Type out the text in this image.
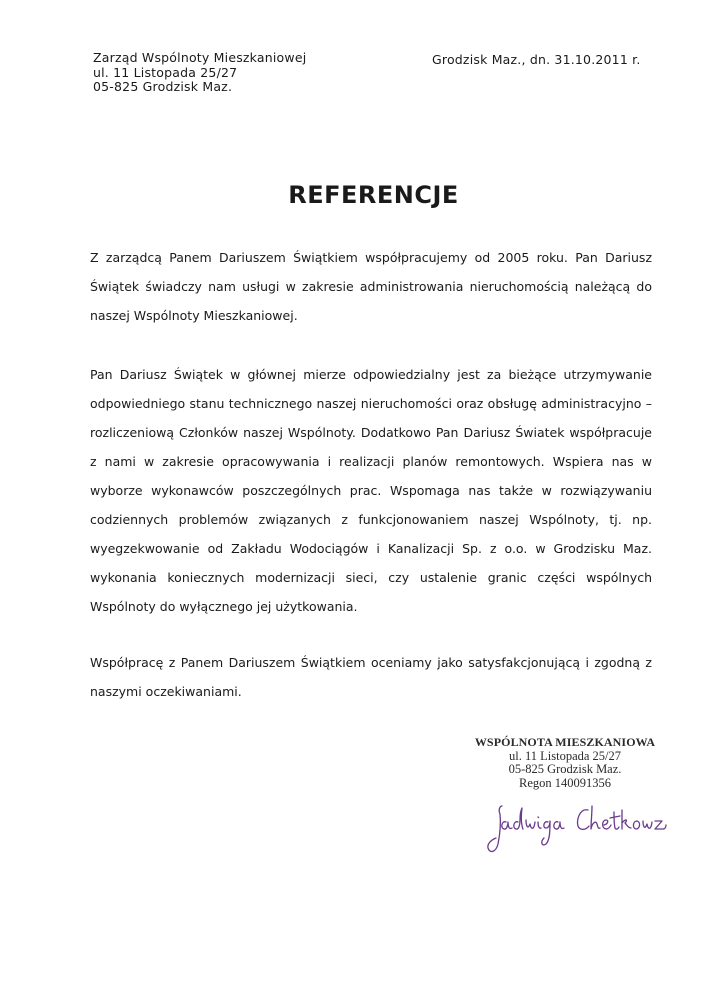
Zarząd Wspólnoty Mieszkaniowej
ul. 11 Listopada 25/27
05-825 Grodzisk Maz.
Grodzisk Maz., dn. 31.10.2011 r.
REFERENCJE
Z zarządcą Panem Dariuszem Świątkiem współpracujemy od 2005 roku. Pan Dariusz Świątek świadczy nam usługi w zakresie administrowania nieruchomością należącą do naszej Wspólnoty Mieszkaniowej.
Pan Dariusz Świątek w głównej mierze odpowiedzialny jest za bieżące utrzymywanie odpowiedniego stanu technicznego naszej nieruchomości oraz obsługę administracyjno – rozliczeniową Członków naszej Wspólnoty. Dodatkowo Pan Dariusz Światek współpracuje z nami w zakresie opracowywania i realizacji planów remontowych. Wspiera nas w wyborze wykonawców poszczególnych prac. Wspomaga nas także w rozwiązywaniu codziennych problemów związanych z funkcjonowaniem naszej Wspólnoty, tj. np. wyegzekwowanie od Zakładu Wodociągów i Kanalizacji Sp. z o.o. w Grodzisku Maz. wykonania koniecznych modernizacji sieci, czy ustalenie granic części wspólnych Wspólnoty do wyłącznego jej użytkowania.
Współpracę z Panem Dariuszem Świątkiem oceniamy jako satysfakcjonującą i zgodną z naszymi oczekiwaniami.
WSPÓLNOTA MIESZKANIOWA
ul. 11 Listopada 25/27
05-825 Grodzisk Maz.
Regon 140091356
